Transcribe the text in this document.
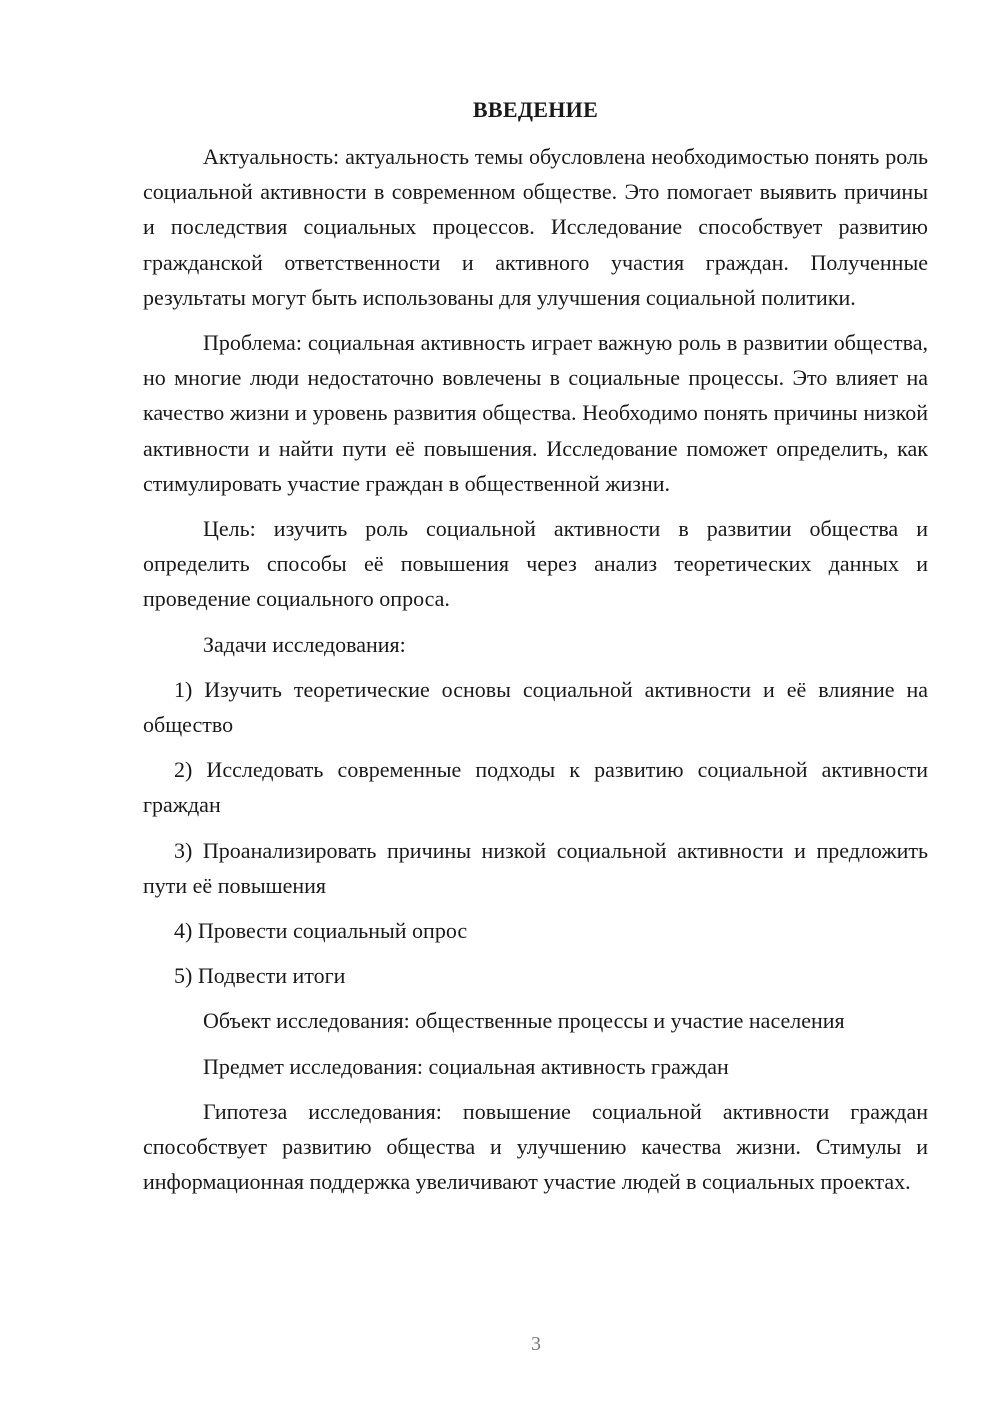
ВВЕДЕНИЕ

Актуальность: актуальность темы обусловлена необходимостью понять роль социальной активности в современном обществе. Это помогает выявить причины и последствия социальных процессов. Исследование способствует развитию гражданской ответственности и активного участия граждан. Полученные результаты могут быть использованы для улучшения социальной политики.

Проблема: социальная активность играет важную роль в развитии общества, но многие люди недостаточно вовлечены в социальные процессы. Это влияет на качество жизни и уровень развития общества. Необходимо понять причины низкой активности и найти пути её повышения. Исследование поможет определить, как стимулировать участие граждан в общественной жизни.

Цель: изучить роль социальной активности в развитии общества и определить способы её повышения через анализ теоретических данных и проведение социального опроса.

Задачи исследования:

1) Изучить теоретические основы социальной активности и её влияние на общество

2) Исследовать современные подходы к развитию социальной активности граждан

3) Проанализировать причины низкой социальной активности и предложить пути её повышения

4) Провести социальный опрос

5) Подвести итоги

Объект исследования: общественные процессы и участие населения

Предмет исследования: социальная активность граждан

Гипотеза исследования: повышение социальной активности граждан способствует развитию общества и улучшению качества жизни. Стимулы и информационная поддержка увеличивают участие людей в социальных проектах.

3
